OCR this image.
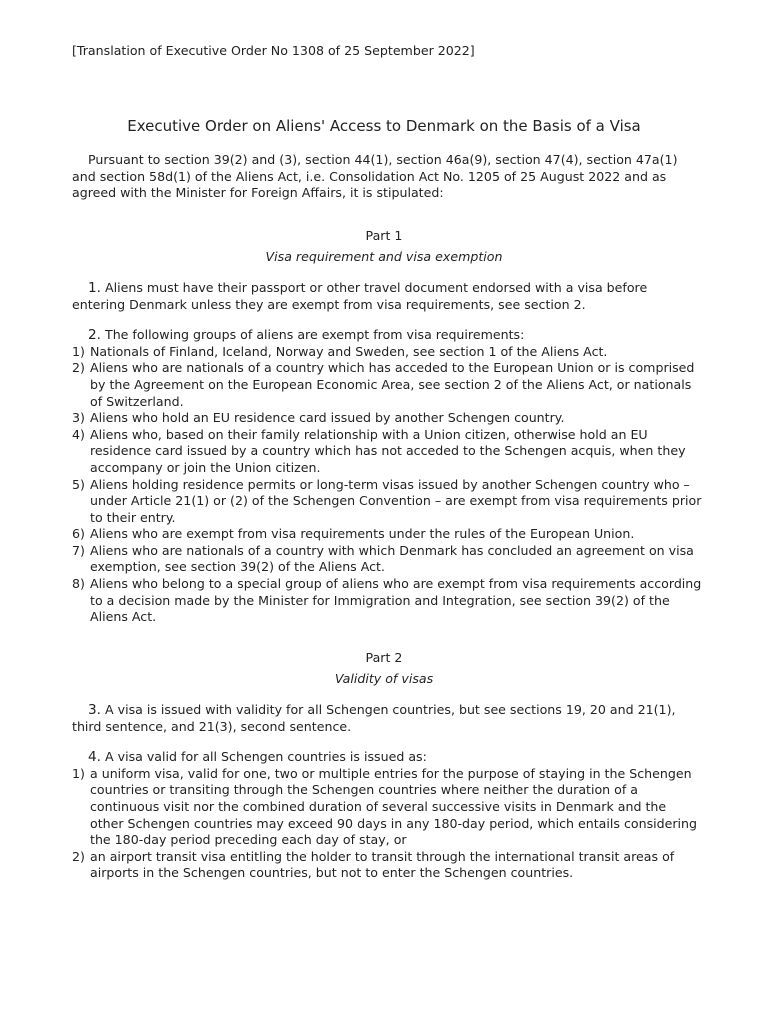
[Translation of Executive Order No 1308 of 25 September 2022]

Executive Order on Aliens' Access to Denmark on the Basis of a Visa

Pursuant to section 39(2) and (3), section 44(1), section 46a(9), section 47(4), section 47a(1) and section 58d(1) of the Aliens Act, i.e. Consolidation Act No. 1205 of 25 August 2022 and as agreed with the Minister for Foreign Affairs, it is stipulated:

Part 1
Visa requirement and visa exemption

1. Aliens must have their passport or other travel document endorsed with a visa before entering Denmark unless they are exempt from visa requirements, see section 2.

2. The following groups of aliens are exempt from visa requirements:

1) Nationals of Finland, Iceland, Norway and Sweden, see section 1 of the Aliens Act.
2) Aliens who are nationals of a country which has acceded to the European Union or is comprised by the Agreement on the European Economic Area, see section 2 of the Aliens Act, or nationals of Switzerland.
3) Aliens who hold an EU residence card issued by another Schengen country.
4) Aliens who, based on their family relationship with a Union citizen, otherwise hold an EU residence card issued by a country which has not acceded to the Schengen acquis, when they accompany or join the Union citizen.
5) Aliens holding residence permits or long-term visas issued by another Schengen country who – under Article 21(1) or (2) of the Schengen Convention – are exempt from visa requirements prior to their entry.
6) Aliens who are exempt from visa requirements under the rules of the European Union.
7) Aliens who are nationals of a country with which Denmark has concluded an agreement on visa exemption, see section 39(2) of the Aliens Act.
8) Aliens who belong to a special group of aliens who are exempt from visa requirements according to a decision made by the Minister for Immigration and Integration, see section 39(2) of the Aliens Act.
Part 2
Validity of visas

3. A visa is issued with validity for all Schengen countries, but see sections 19, 20 and 21(1), third sentence, and 21(3), second sentence.

4. A visa valid for all Schengen countries is issued as:

1) a uniform visa, valid for one, two or multiple entries for the purpose of staying in the Schengen countries or transiting through the Schengen countries where neither the duration of a continuous visit nor the combined duration of several successive visits in Denmark and the other Schengen countries may exceed 90 days in any 180-day period, which entails considering the 180-day period preceding each day of stay, or
2) an airport transit visa entitling the holder to transit through the international transit areas of airports in the Schengen countries, but not to enter the Schengen countries.
